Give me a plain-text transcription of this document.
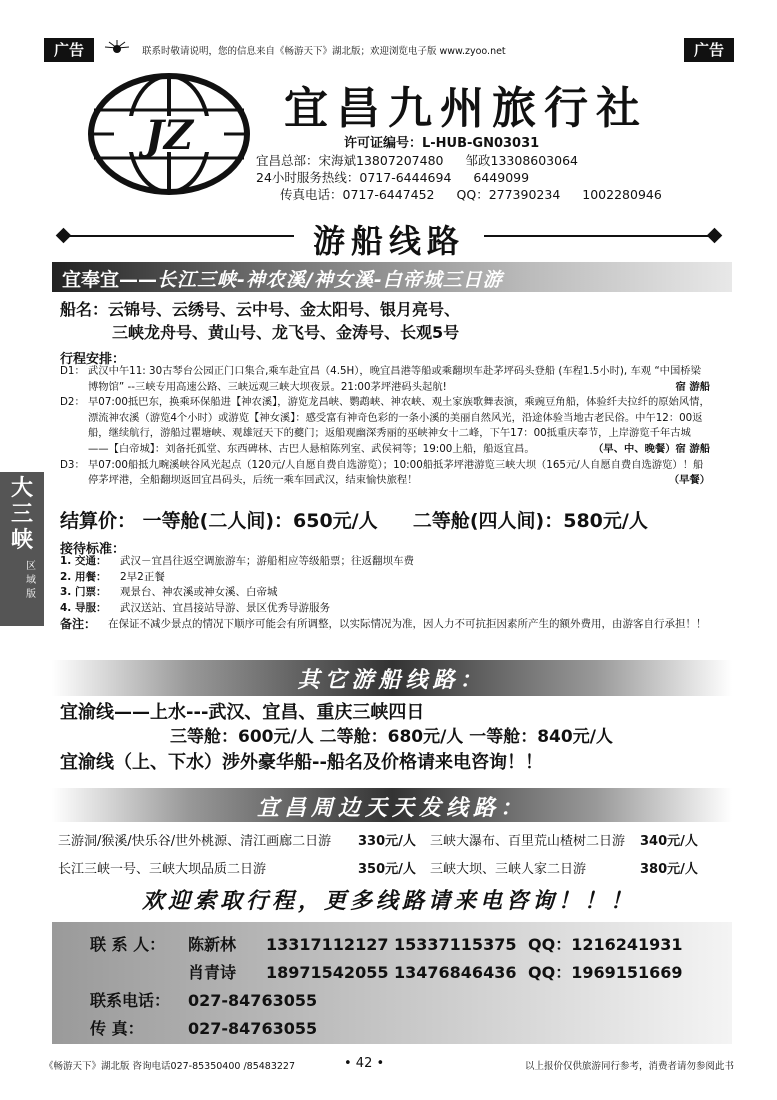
广告	联系时敬请说明，您的信息来自《畅游天下》湖北版；欢迎浏览电子版 www.zyoo.net	广告
JZ
宜昌九州旅行社
许可证编号：L-HUB-GN03031
宜昌总部：宋海斌13807207480 邹政13308603064
24小时服务热线：0717-6444694 6449099
传真电话：0717-6447452 QQ：277390234 1002280946
游船线路
宜奉宜——长江三峡-神农溪/神女溪-白帝城三日游
船名：云锦号、云绣号、云中号、金太阳号、银月亮号、
三峡龙舟号、黄山号、龙飞号、金涛号、长观5号
行程安排：
D1： 武汉中午11: 30古琴台公园正门口集合,乘车赴宜昌（4.5H），晚宜昌港等船或乘翻坝车赴茅坪码头登船 (车程1.5小时), 车观 “中国桥梁博物馆” --三峡专用高速公路、三峡远观三峡大坝夜景。21:00茅坪港码头起航!	宿 游船
D2： 早07:00抵巴东，换乘环保船进【神农溪】，游览龙昌峡、鹦鹉峡、神农峡、观土家族歌舞表演，乘豌豆角船，体验纤夫拉纤的原始风情，漂流神农溪（游览4个小时）或游览【神女溪】：感受富有神奇色彩的一条小溪的美丽自然风光，沿途体验当地古老民俗。中午12：00返船，继续航行，游船过瞿塘峡、观雄冠天下的夔门；返船观幽深秀丽的巫峡神女十二峰，下午17：00抵重庆奉节，上岸游览千年古城——【白帝城】：刘备托孤堂、东西碑林、古巴人悬棺陈列室、武侯祠等；19:00上船，船返宜昌。	（早、中、晚餐）宿 游船
D3： 早07:00船抵九畹溪峡谷风光起点（120元/人自愿自费自选游览）；10:00船抵茅坪港游览三峡大坝（165元/人自愿自费自选游览）！船停茅坪港，全船翻坝返回宜昌码头，后统一乘车回武汉，结束愉快旅程！	（早餐）
结算价： 一等舱(二人间)：650元/人 二等舱(四人间)：580元/人
接待标准：
1. 交通： 武汉－宜昌往返空调旅游车；游船相应等级船票；往返翻坝车费
2. 用餐： 2早2正餐
3. 门票： 观景台、神农溪或神女溪、白帝城
4. 导服： 武汉送站、宜昌接站导游、景区优秀导游服务
备注：	在保证不减少景点的情况下顺序可能会有所调整，以实际情况为准，因人力不可抗拒因素所产生的额外费用，由游客自行承担！！

大三峡
区域版
其它游船线路：
宜渝线——上水---武汉、宜昌、重庆三峡四日
三等舱：600元/人 二等舱：680元/人 一等舱：840元/人
宜渝线（上、下水）涉外豪华船--船名及价格请来电咨询！！
宜昌周边天天发线路：
三游洞/猴溪/快乐谷/世外桃源、清江画廊二日游 330元/人 三峡大瀑布、百里荒山楂树二日游 340元/人
长江三峡一号、三峡大坝品质二日游	350元/人 三峡大坝、三峡人家二日游	380元/人
欢迎索取行程，更多线路请来电咨询！！！
联 系 人： 陈新林 13317112127 15337115375 QQ：1216241931
肖青诗 18971542055 13476846436 QQ：1969151669
联系电话： 027-84763055
传 真：	027-84763055
《畅游天下》湖北版 咨询电话027-85350400 /85483227	• 42 •	以上报价仅供旅游同行参考，消费者请勿参阅此书
